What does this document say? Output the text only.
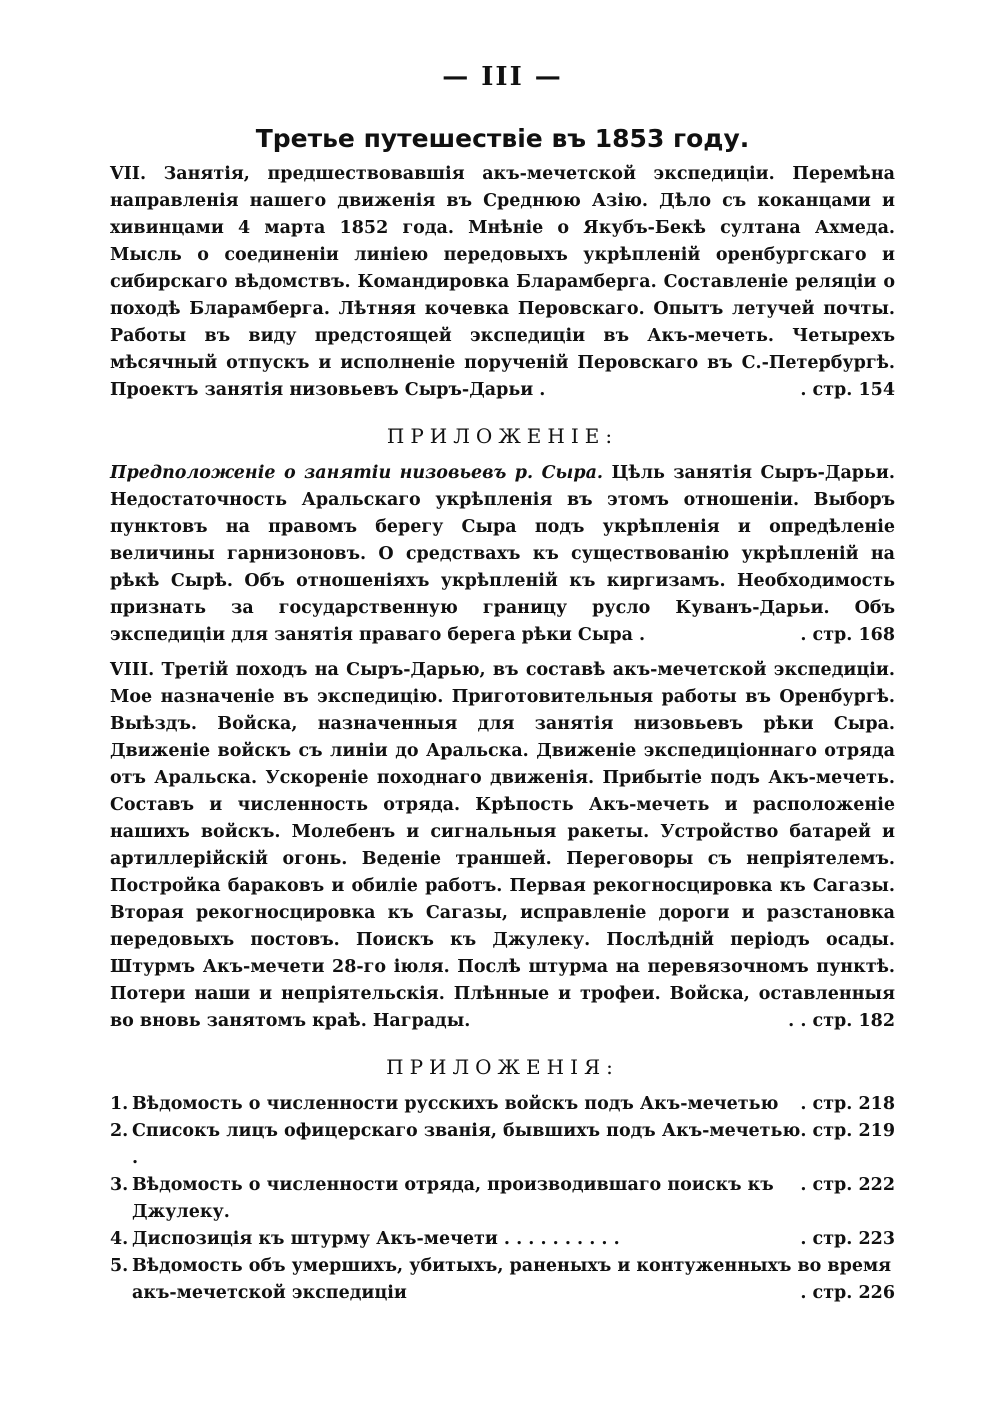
— III —
Третье путешествіе въ 1853 году.
VII. Занятія, предшествовавшія акъ-мечетской экспедиціи. Перемѣна направленія нашего движенія въ Среднюю Азію. Дѣло съ коканцами и хивинцами 4 марта 1852 года. Мнѣніе о Якубъ-Бекѣ султана Ахмеда. Мысль о соединеніи линіею передовыхъ укрѣпленій оренбургскаго и сибирскаго вѣдомствъ. Командировка Бларамберга. Составленіе реляціи о походѣ Бларамберга. Лѣтняя кочевка Перовскаго. Опытъ летучей почты. Работы въ виду предстоящей экспедиціи въ Акъ-мечеть. Четырехъ мѣсячный отпускъ и исполненіе порученій Перовскаго въ С.-Петербургѣ. Проектъ занятія низовьевъ Сыръ-Дарьи .	. стр. 154
ПРИЛОЖЕНІЕ:
Предположеніе о занятіи низовьевъ р. Сыра. Цѣль занятія Сыръ-Дарьи. Недостаточность Аральскаго укрѣпленія въ этомъ отношеніи. Выборъ пунктовъ на правомъ берегу Сыра подъ укрѣпленія и опредѣленіе величины гарнизоновъ. О средствахъ къ существованію укрѣпленій на рѣкѣ Сырѣ. Объ отношеніяхъ укрѣпленій къ киргизамъ. Необходимость признать за государственную границу русло Куванъ-Дарьи. Объ экспедиціи для занятія праваго берега рѣки Сыра .	. стр. 168
VIII. Третій походъ на Сыръ-Дарью, въ составѣ акъ-мечетской экспедиціи. Мое назначеніе въ экспедицію. Приготовительныя работы въ Оренбургѣ. Выѣздъ. Войска, назначенныя для занятія низовьевъ рѣки Сыра. Движеніе войскъ съ линіи до Аральска. Движеніе экспедиціоннаго отряда отъ Аральска. Ускореніе походнаго движенія. Прибытіе подъ Акъ-мечеть. Составъ и численность отряда. Крѣпость Акъ-мечеть и расположеніе нашихъ войскъ. Молебенъ и сигнальныя ракеты. Устройство батарей и артиллерійскій огонь. Веденіе траншей. Переговоры съ непріятелемъ. Постройка бараковъ и обиліе работъ. Первая рекогносцировка къ Сагазы. Вторая рекогносцировка къ Сагазы, исправленіе дороги и разстановка передовыхъ постовъ. Поискъ къ Джулеку. Послѣдній періодъ осады. Штурмъ Акъ-мечети 28-го іюля. Послѣ штурма на перевязочномъ пунктѣ. Потери наши и непріятельскія. Плѣнные и трофеи. Войска, оставленныя во вновь занятомъ краѣ. Награды.	. . стр. 182
ПРИЛОЖЕНІЯ:
1. Вѣдомость о численности русскихъ войскъ подъ Акъ-мечетью	. стр. 218
2. Списокъ лицъ офицерскаго званія, бывшихъ подъ Акъ-мечетью .
. стр. 219
3. Вѣдомость о численности отряда, производившаго поискъ къ Джулеку.
. стр. 222
4. Диспозиція къ штурму Акъ-мечети . . . . . . . . . .	. стр. 223
5. Вѣдомость объ умершихъ, убитыхъ, раненыхъ и контуженныхъ во время
акъ-мечетской экспедиціи	. стр. 226
